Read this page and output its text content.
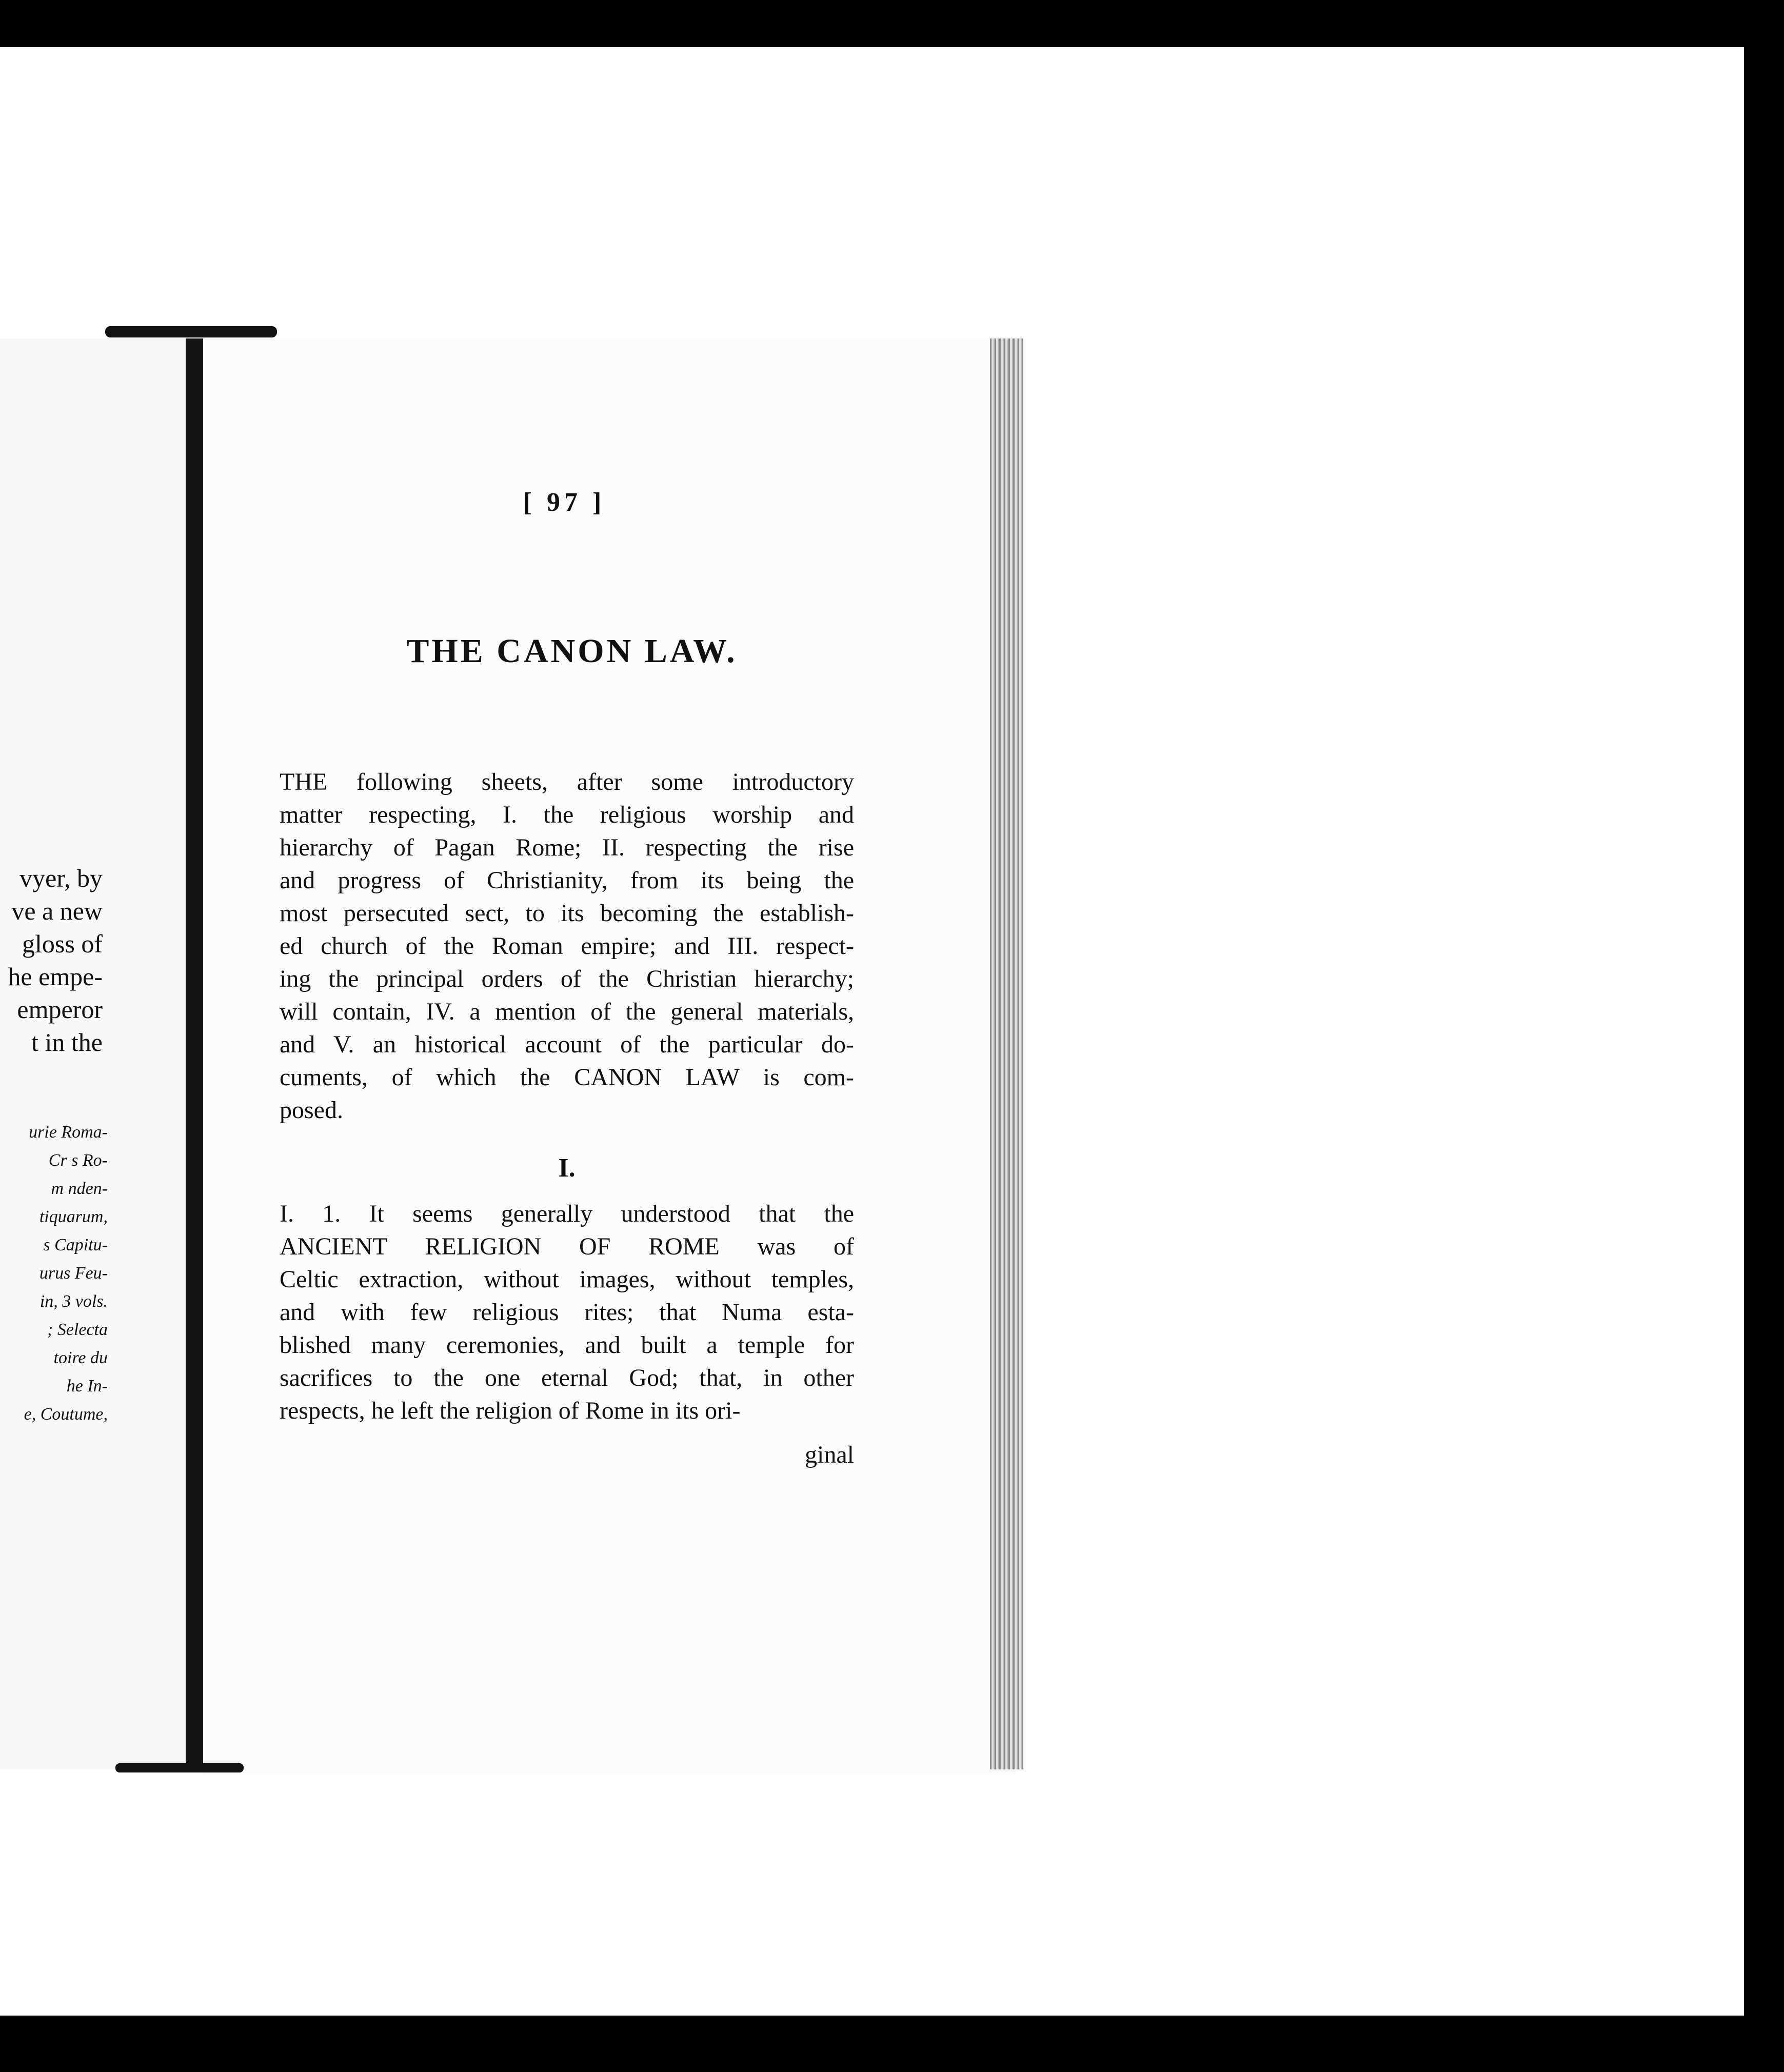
vyer, by
ve a new
gloss of
he empe-
emperor
t in the
urie Roma-
Cr s Ro-
m nden-
tiquarum,
s Capitu-
urus Feu-
in, 3 vols.
; Selecta
toire du
he In-
e, Coutume,
[ 97 ]
THE CANON LAW.
THE following sheets, after some introductory
matter respecting, I. the religious worship and
hierarchy of Pagan Rome; II. respecting the rise
and progress of Christianity, from its being the
most persecuted sect, to its becoming the establish-
ed church of the Roman empire; and III. respect-
ing the principal orders of the Christian hierarchy;
will contain, IV. a mention of the general materials,
and V. an historical account of the particular do-
cuments, of which the CANON LAW is com-
posed.
I.
I. 1. It seems generally understood that the
ANCIENT RELIGION OF ROME was of
Celtic extraction, without images, without temples,
and with few religious rites; that Numa esta-
blished many ceremonies, and built a temple for
sacrifices to the one eternal God; that, in other
respects, he left the religion of Rome in its ori-
ginal
